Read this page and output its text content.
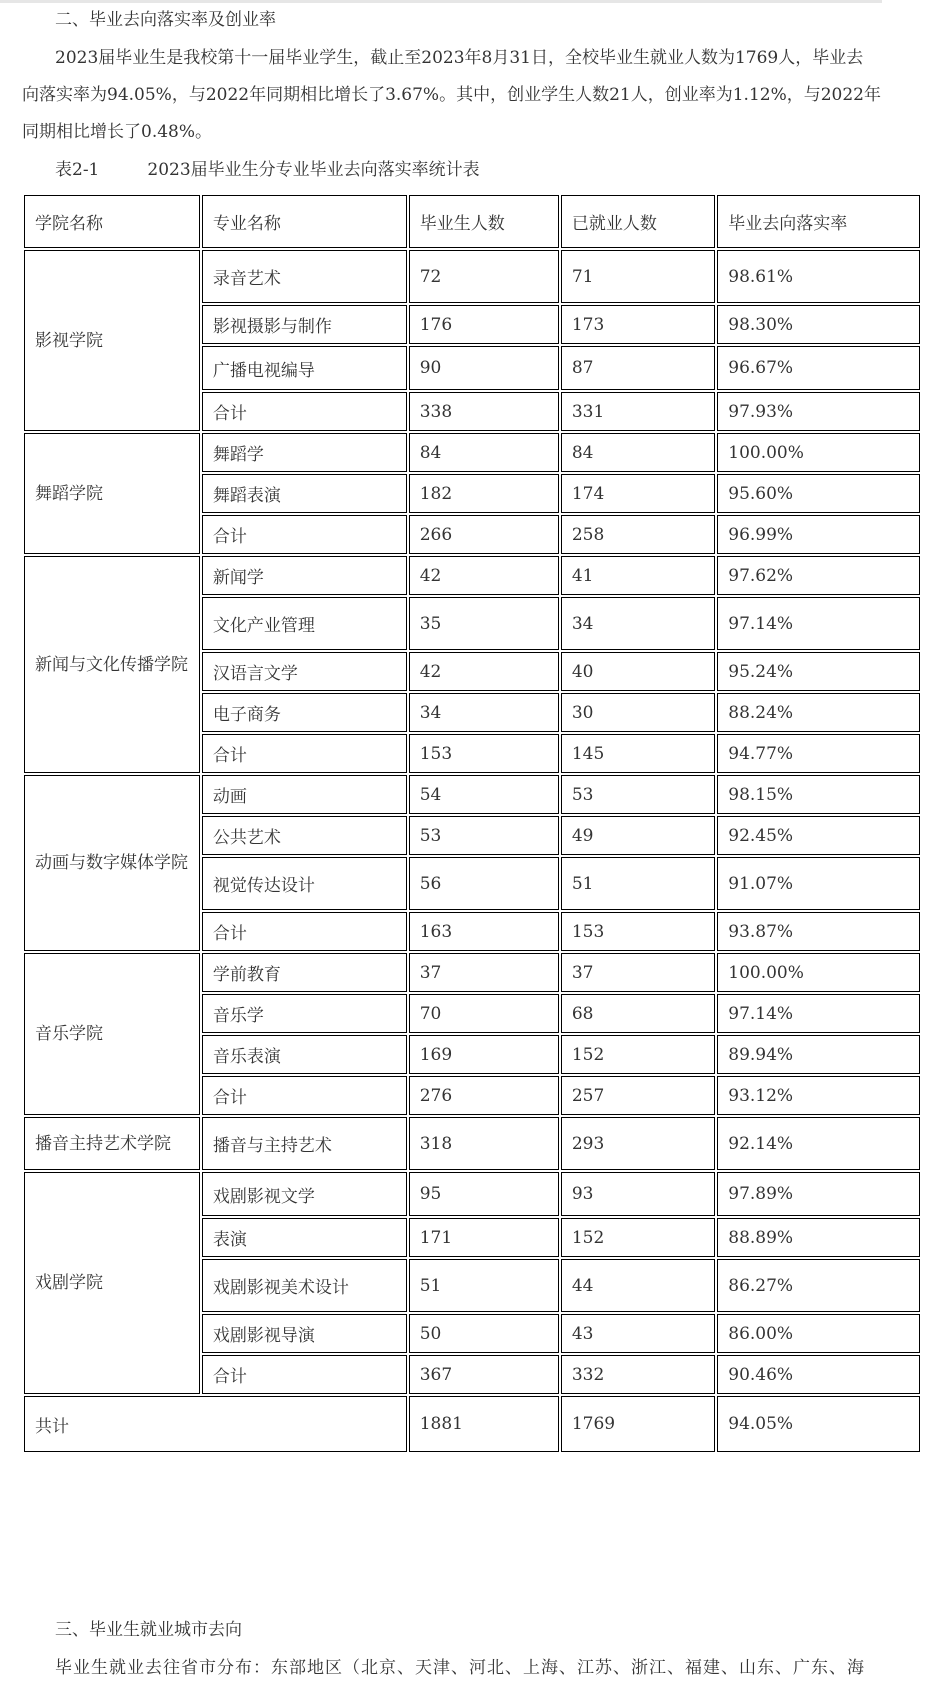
二、毕业去向落实率及创业率
2023届毕业生是我校第十一届毕业学生，截止至2023年8月31日，全校毕业生就业人数为1769人，毕业去
向落实率为94.05%，与2022年同期相比增长了3.67%。其中，创业学生人数21人，创业率为1.12%，与2022年
同期相比增长了0.48%。
表2-1	2023届毕业生分专业毕业去向落实率统计表
学院名称	专业名称	毕业生人数	已就业人数	毕业去向落实率
影视学院	录音艺术	72	71	98.61%
	影视摄影与制作	176	173	98.30%
	广播电视编导	90	87	96.67%
	合计	338	331	97.93%
舞蹈学院	舞蹈学	84	84	100.00%
	舞蹈表演	182	174	95.60%
	合计	266	258	96.99%
新闻与文化传播学院	新闻学	42	41	97.62%
	文化产业管理	35	34	97.14%
	汉语言文学	42	40	95.24%
	电子商务	34	30	88.24%
	合计	153	145	94.77%
动画与数字媒体学院	动画	54	53	98.15%
	公共艺术	53	49	92.45%
	视觉传达设计	56	51	91.07%
	合计	163	153	93.87%
音乐学院	学前教育	37	37	100.00%
	音乐学	70	68	97.14%
	音乐表演	169	152	89.94%
	合计	276	257	93.12%
播音主持艺术学院	播音与主持艺术	318	293	92.14%
戏剧学院	戏剧影视文学	95	93	97.89%
	表演	171	152	88.89%
	戏剧影视美术设计	51	44	86.27%
	戏剧影视导演	50	43	86.00%
	合计	367	332	90.46%
共计		1881	1769	94.05%
三、毕业生就业城市去向
毕业生就业去往省市分布：东部地区（北京、天津、河北、上海、江苏、浙江、福建、山东、广东、海
